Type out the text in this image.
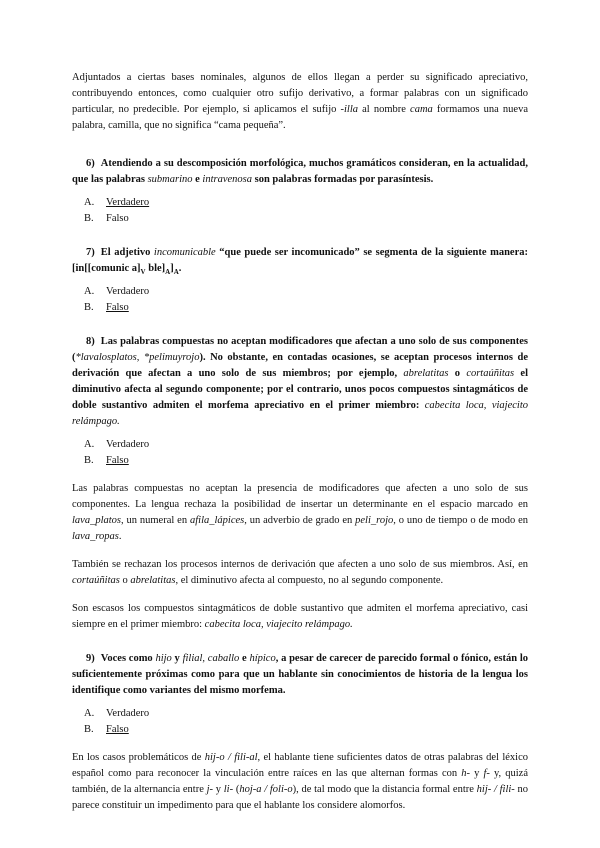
Adjuntados a ciertas bases nominales, algunos de ellos llegan a perder su significado apreciativo, contribuyendo entonces, como cualquier otro sufijo derivativo, a formar palabras con un significado particular, no predecible. Por ejemplo, si aplicamos el sufijo -illa al nombre cama formamos una nueva palabra, camilla, que no significa “cama pequeña”.

6) Atendiendo a su descomposición morfológica, muchos gramáticos consideran, en la actualidad, que las palabras submarino e intravenosa son palabras formadas por parasíntesis.

A.	Verdadero
B.	Falso

7) El adjetivo incomunicable “que puede ser incomunicado” se segmenta de la siguiente manera: [in[[comunic $a]_V$ $ble]_A]_A$.

A.	Verdadero
B.	Falso

8) Las palabras compuestas no aceptan modificadores que afectan a uno solo de sus componentes (*lavalosplatos, *pelimuyrojo). No obstante, en contadas ocasiones, se aceptan procesos internos de derivación que afectan a uno solo de sus miembros; por ejemplo, abrelatitas o cortaúñitas el diminutivo afecta al segundo componente; por el contrario, unos pocos compuestos sintagmáticos de doble sustantivo admiten el morfema apreciativo en el primer miembro: cabecita loca, viajecito relámpago.

A.	Verdadero
B.	Falso

Las palabras compuestas no aceptan la presencia de modificadores que afecten a uno solo de sus componentes. La lengua rechaza la posibilidad de insertar un determinante en el espacio marcado en lava_platos, un numeral en afila_lápices, un adverbio de grado en peli_rojo, o uno de tiempo o de modo en lava_ropas.

También se rechazan los procesos internos de derivación que afecten a uno solo de sus miembros. Así, en cortaúñitas o abrelatitas, el diminutivo afecta al compuesto, no al segundo componente.

Son escasos los compuestos sintagmáticos de doble sustantivo que admiten el morfema apreciativo, casi siempre en el primer miembro: cabecita loca, viajecito relámpago.

9) Voces como hijo y filial, caballo e hípico, a pesar de carecer de parecido formal o fónico, están lo suficientemente próximas como para que un hablante sin conocimientos de historia de la lengua los identifique como variantes del mismo morfema.

A.	Verdadero
B.	Falso

En los casos problemáticos de hij-o / fili-al, el hablante tiene suficientes datos de otras palabras del léxico español como para reconocer la vinculación entre raíces en las que alternan formas con h- y f- y, quizá también, de la alternancia entre j- y li- (hoj-a / foli-o), de tal modo que la distancia formal entre hij- / fili- no parece constituir un impedimento para que el hablante los considere alomorfos.
